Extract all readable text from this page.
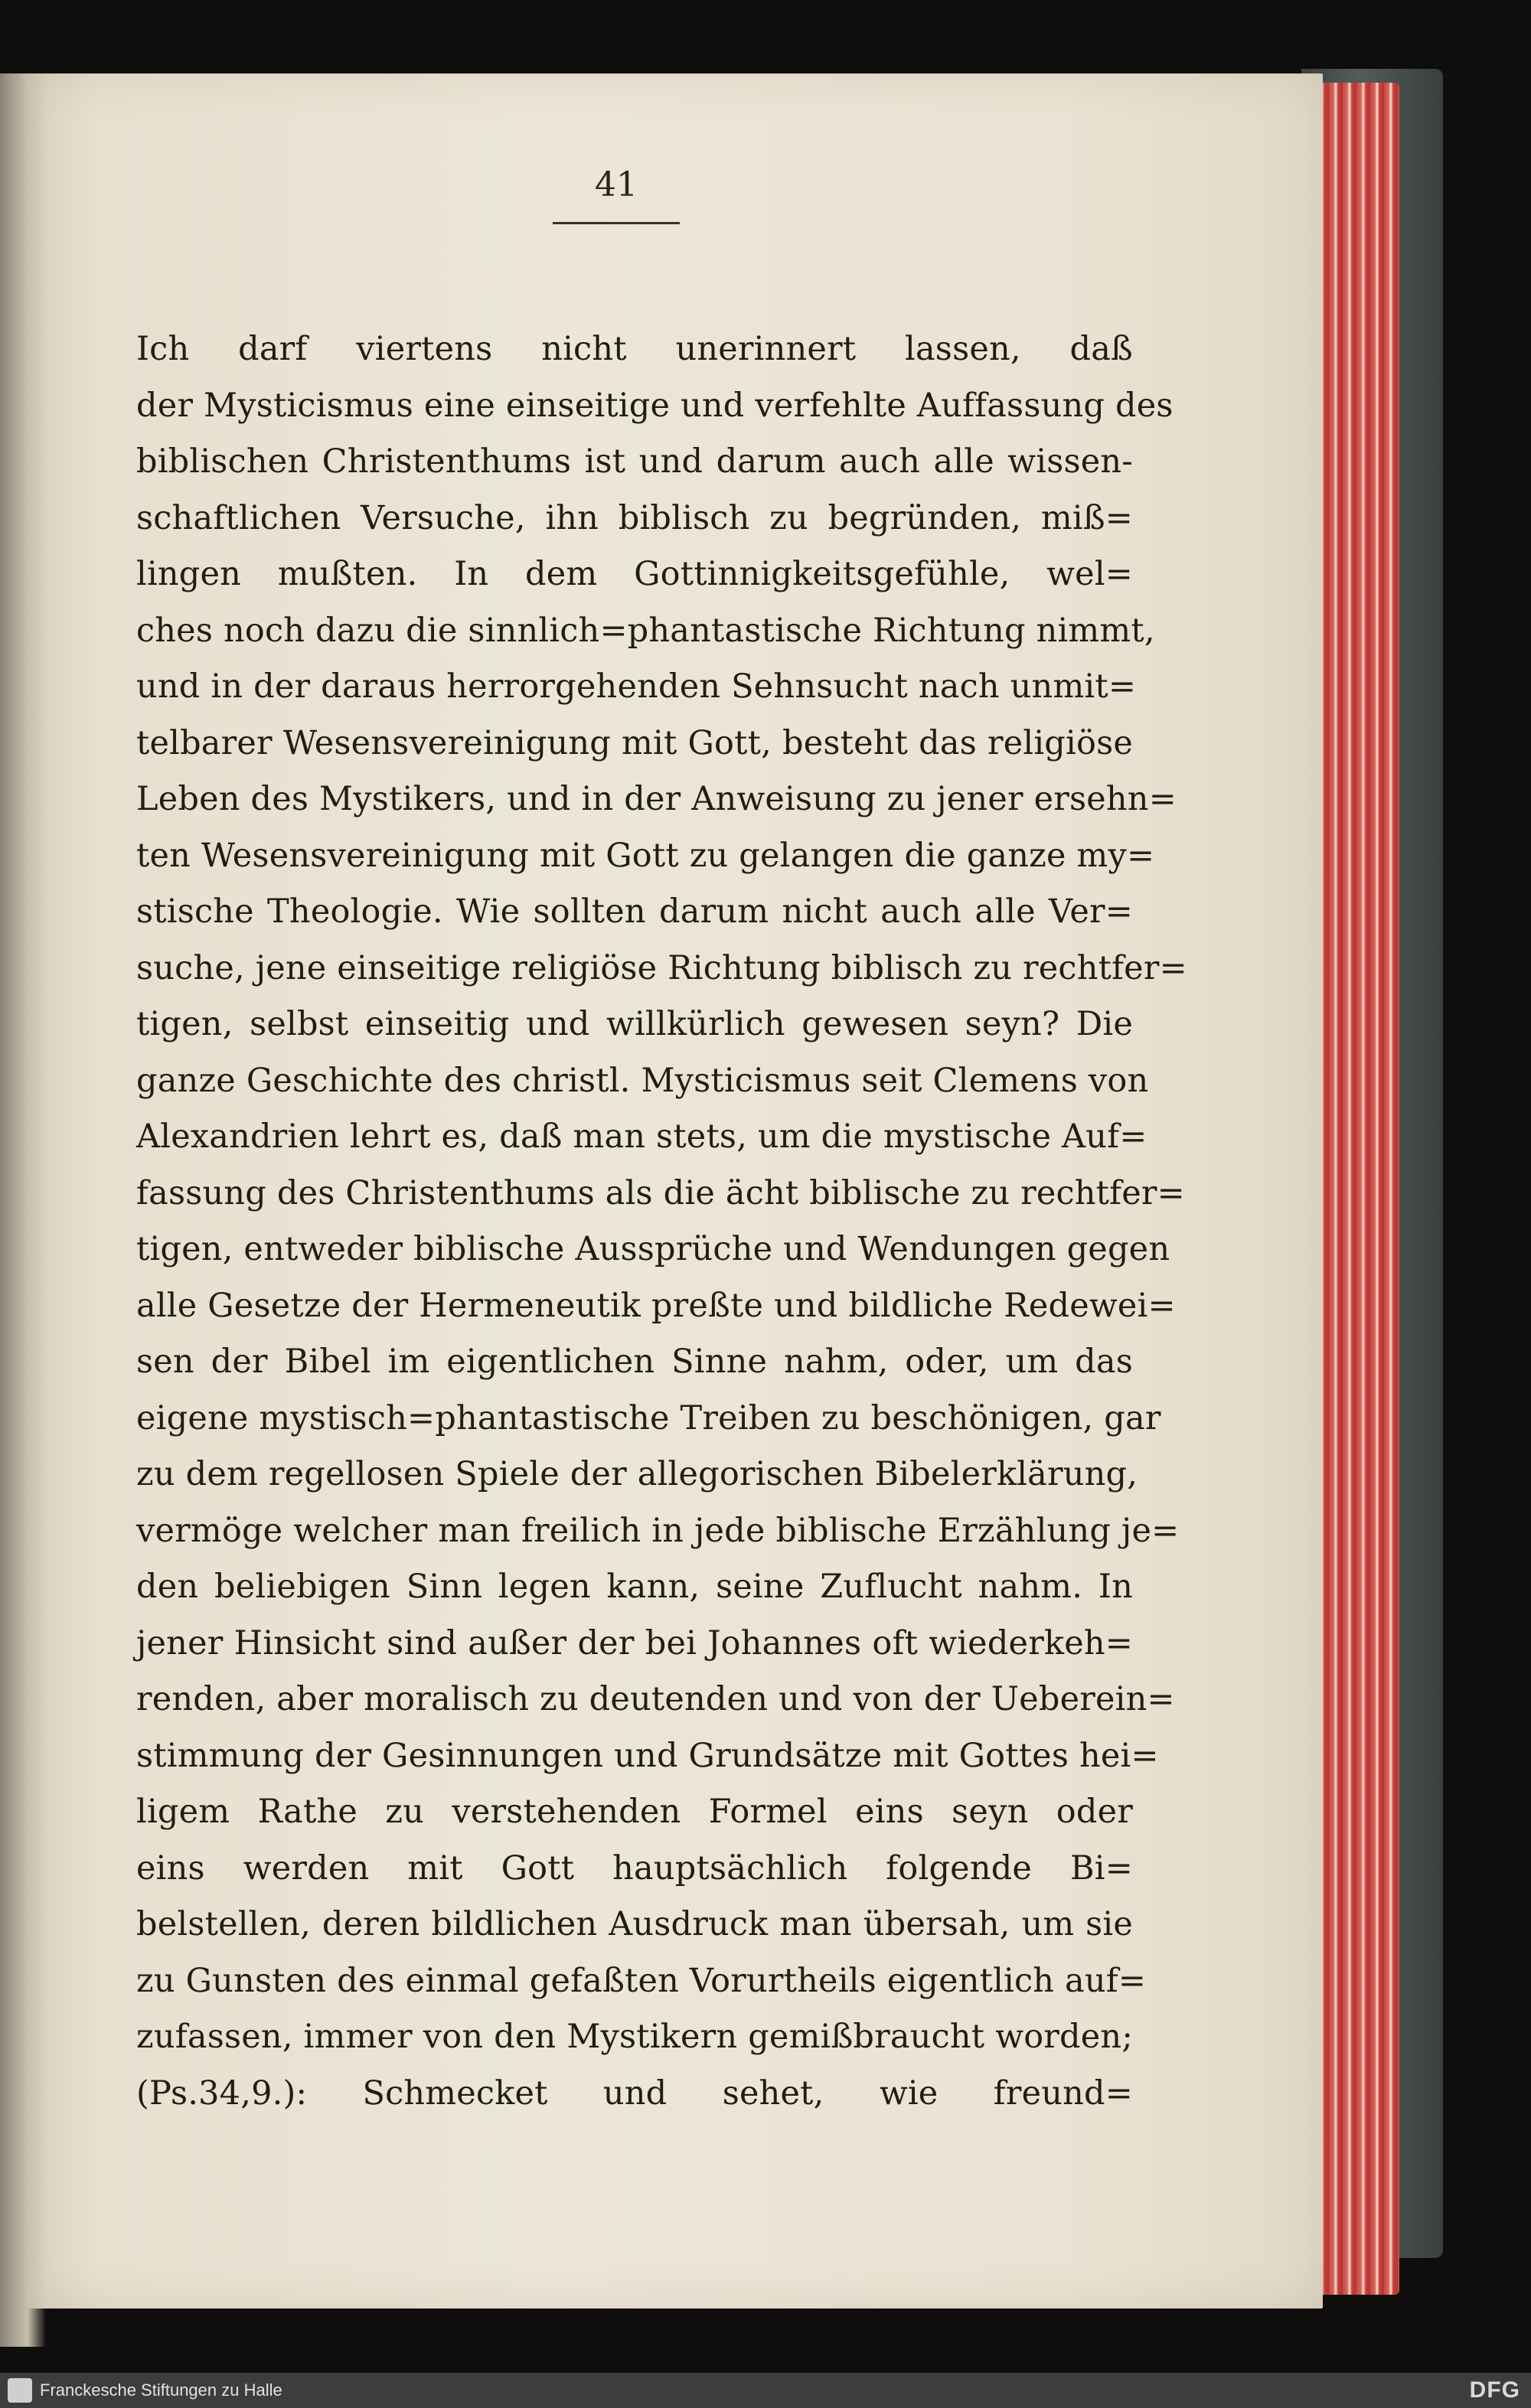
41
Ich darf viertens nicht unerinnert lassen, daß
der Mysticismus eine einseitige und verfehlte Auffassung des
biblischen Christenthums ist und darum auch alle wissen-
schaftlichen Versuche, ihn biblisch zu begründen, miß=
lingen mußten. In dem Gottinnigkeitsgefühle, wel=
ches noch dazu die sinnlich=phantastische Richtung nimmt,
und in der daraus herrorgehenden Sehnsucht nach unmit=
telbarer Wesensvereinigung mit Gott, besteht das religiöse
Leben des Mystikers, und in der Anweisung zu jener ersehn=
ten Wesensvereinigung mit Gott zu gelangen die ganze my=
stische Theologie. Wie sollten darum nicht auch alle Ver=
suche, jene einseitige religiöse Richtung biblisch zu rechtfer=
tigen, selbst einseitig und willkürlich gewesen seyn? Die
ganze Geschichte des christl. Mysticismus seit Clemens von
Alexandrien lehrt es, daß man stets, um die mystische Auf=
fassung des Christenthums als die ächt biblische zu rechtfer=
tigen, entweder biblische Aussprüche und Wendungen gegen
alle Gesetze der Hermeneutik preßte und bildliche Redewei=
sen der Bibel im eigentlichen Sinne nahm, oder, um das
eigene mystisch=phantastische Treiben zu beschönigen, gar
zu dem regellosen Spiele der allegorischen Bibelerklärung,
vermöge welcher man freilich in jede biblische Erzählung je=
den beliebigen Sinn legen kann, seine Zuflucht nahm. In
jener Hinsicht sind außer der bei Johannes oft wiederkeh=
renden, aber moralisch zu deutenden und von der Ueberein=
stimmung der Gesinnungen und Grundsätze mit Gottes hei=
ligem Rathe zu verstehenden Formel eins seyn oder
eins werden mit Gott hauptsächlich folgende Bi=
belstellen, deren bildlichen Ausdruck man übersah, um sie
zu Gunsten des einmal gefaßten Vorurtheils eigentlich auf=
zufassen, immer von den Mystikern gemißbraucht worden;
(Ps.34,9.): Schmecket und sehet, wie freund=
Franckesche Stiftungen zu Halle	DFG
